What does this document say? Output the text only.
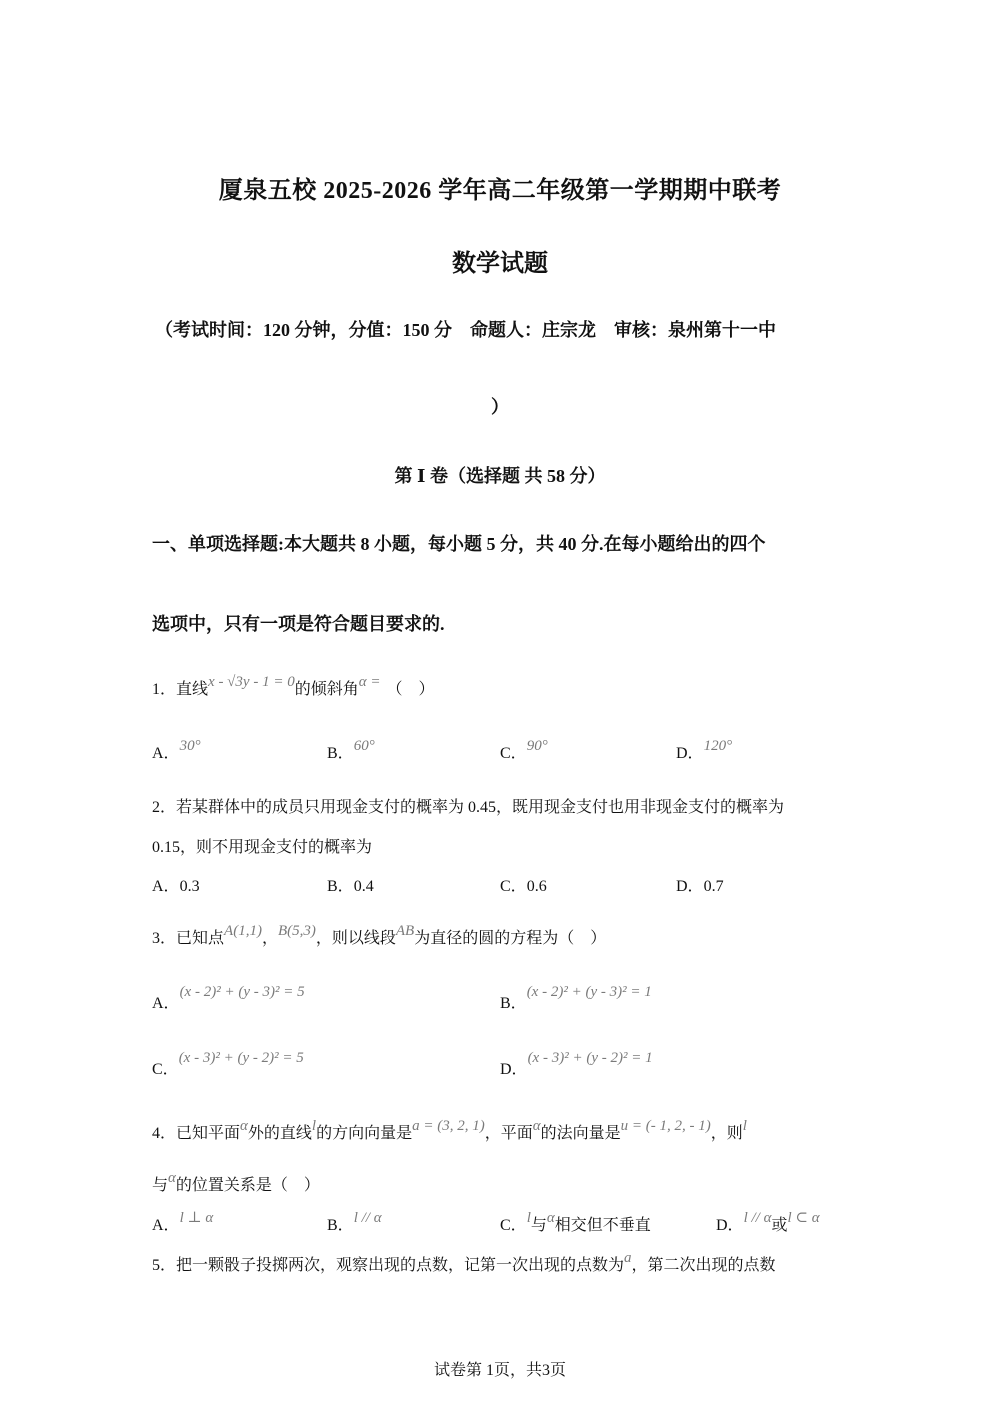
厦泉五校 2025-2026 学年高二年级第一学期期中联考
数学试题
（考试时间：120 分钟，分值：150 分　命题人：庄宗龙　审核：泉州第十一中
）
第 Ⅰ 卷（选择题 共 58 分）
一、单项选择题:本大题共 8 小题，每小题 5 分，共 40 分.在每小题给出的四个
选项中，只有一项是符合题目要求的.
1．直线x - √3y - 1 = 0的倾斜角α = （　）
A．30°	B．60°	C．90°	D．120°
2．若某群体中的成员只用现金支付的概率为 0.45，既用现金支付也用非现金支付的概率为
0.15，则不用现金支付的概率为
A．0.3	B．0.4	C．0.6	D．0.7
3．已知点A(1,1)，B(5,3)，则以线段AB为直径的圆的方程为（　）
A．(x - 2)² + (y - 3)² = 5
B．(x - 2)² + (y - 3)² = 1
C．(x - 3)² + (y - 2)² = 5
D．(x - 3)² + (y - 2)² = 1
4．已知平面α外的直线l的方向向量是a = (3, 2, 1)，平面α的法向量是u = (- 1, 2, - 1)，则l
与α的位置关系是（　）
A．l ⊥ α	B．l // α	C．l与α相交但不垂直	D．l // α或l ⊂ α
5．把一颗骰子投掷两次，观察出现的点数，记第一次出现的点数为a，第二次出现的点数
试卷第 1页，共3页
